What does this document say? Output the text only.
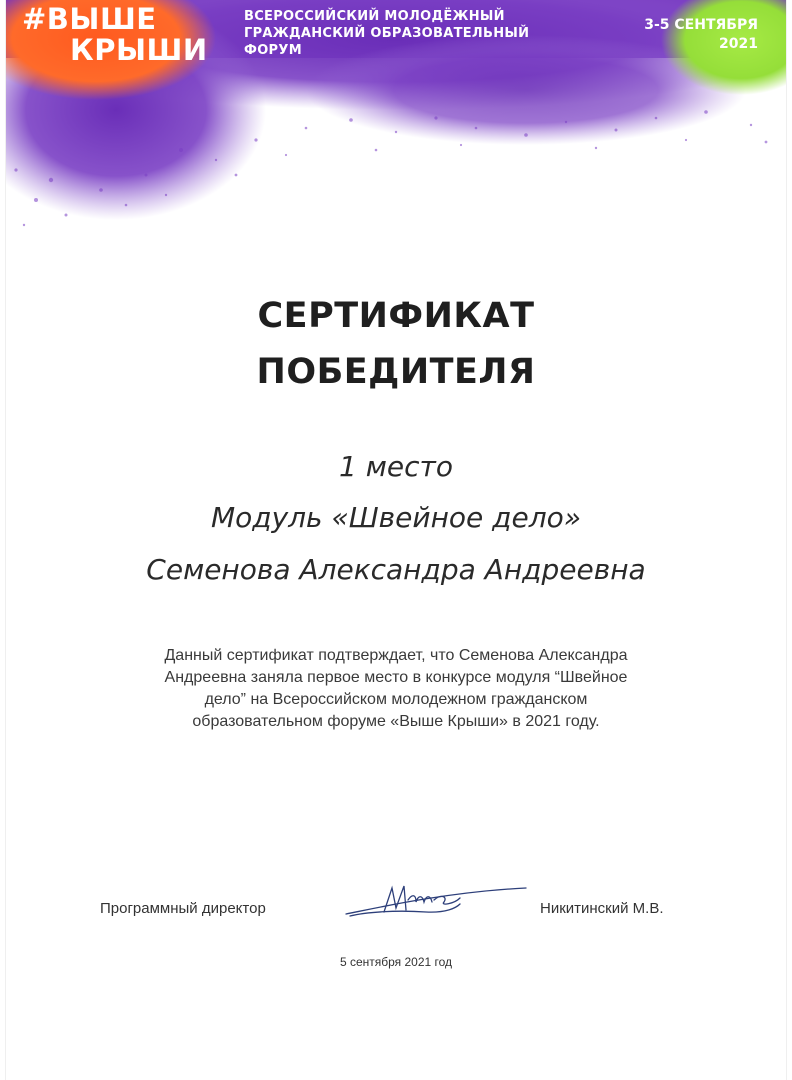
#ВЫШЕ
КРЫШИ
ВСЕРОССИЙСКИЙ МОЛОДЁЖНЫЙ
ГРАЖДАНСКИЙ ОБРАЗОВАТЕЛЬНЫЙ
ФОРУМ
3-5 СЕНТЯБРЯ
2021
СЕРТИФИКАТ
ПОБЕДИТЕЛЯ
1 место
Модуль «Швейное дело»
Семенова Александра Андреевна
Данный сертификат подтверждает, что Семенова Александра
Андреевна заняла первое место в конкурсе модуля “Швейное
дело” на Всероссийском молодежном гражданском
образовательном форуме «Выше Крыши» в 2021 году.
Программный директор	Никитинский М.В.
5 сентября 2021 год
